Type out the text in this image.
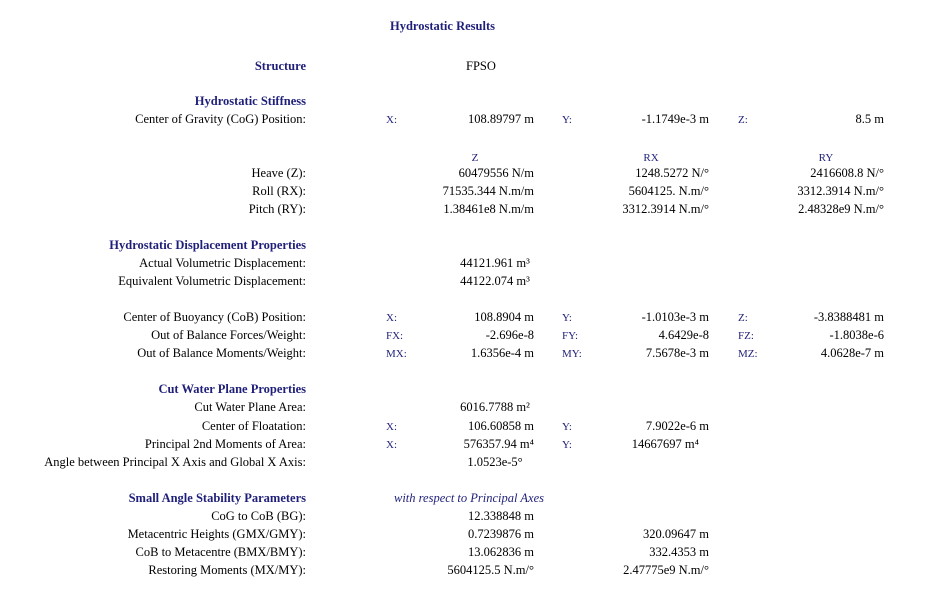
Hydrostatic Results
Structure	FPSO
Hydrostatic Stiffness
Center of Gravity (CoG) Position:	X:	108.89797 m	Y:	-1.1749e-3 m	Z:	8.5 m
Z	RX	RY
Heave (Z):	60479556 N/m	1248.5272 N/°	2416608.8 N/°
Roll (RX):	71535.344 N.m/m	5604125. N.m/°	3312.3914 N.m/°
Pitch (RY):	1.38461e8 N.m/m	3312.3914 N.m/°	2.48328e9 N.m/°
Hydrostatic Displacement Properties
Actual Volumetric Displacement:	44121.961 m³
Equivalent Volumetric Displacement:	44122.074 m³
Center of Buoyancy (CoB) Position:	X:	108.8904 m	Y:	-1.0103e-3 m	Z:	-3.8388481 m
Out of Balance Forces/Weight:	FX:	-2.696e-8	FY:	4.6429e-8	FZ:	-1.8038e-6
Out of Balance Moments/Weight:	MX:	1.6356e-4 m	MY:	7.5678e-3 m	MZ:	4.0628e-7 m
Cut Water Plane Properties
Cut Water Plane Area:	6016.7788 m²
Center of Floatation:	X:	106.60858 m	Y:	7.9022e-6 m
Principal 2nd Moments of Area:	X:	576357.94 m⁴	Y:	14667697 m⁴
Angle between Principal X Axis and Global X Axis:	1.0523e-5°
Small Angle Stability Parameters	with respect to Principal Axes
CoG to CoB (BG):	12.338848 m
Metacentric Heights (GMX/GMY):	0.7239876 m	320.09647 m
CoB to Metacentre (BMX/BMY):	13.062836 m	332.4353 m
Restoring Moments (MX/MY):	5604125.5 N.m/°	2.47775e9 N.m/°
